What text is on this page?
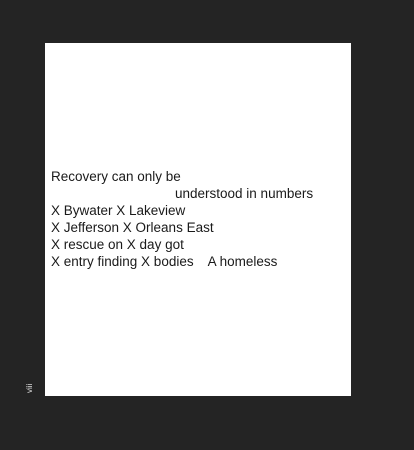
Recovery can only be
understood in numbers
X Bywater X Lakeview
X Jefferson X Orleans East
X rescue on X day got
X entry finding X bodies A homeless
viii
